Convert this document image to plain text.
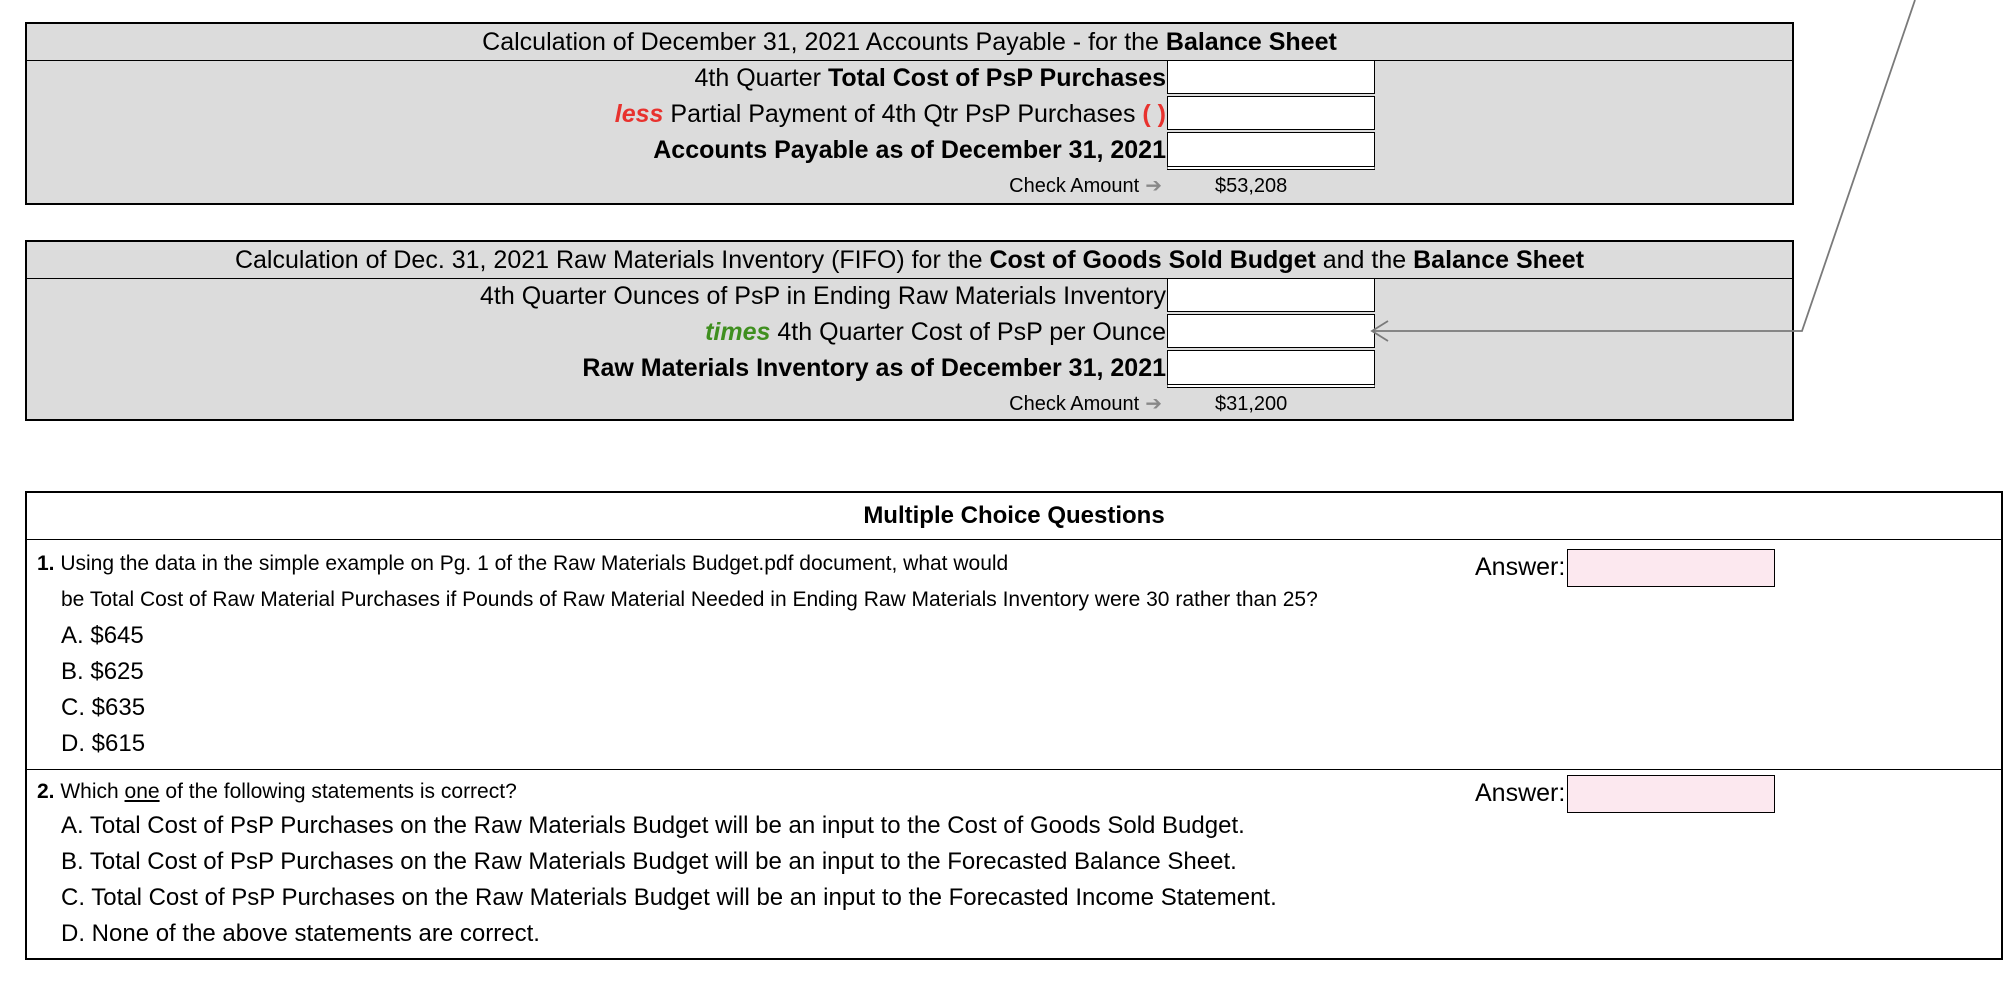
Calculation of December 31, 2021 Accounts Payable - for the Balance Sheet
4th Quarter Total Cost of PsP Purchases
less Partial Payment of 4th Qtr PsP Purchases ( )
Accounts Payable as of December 31, 2021
Check Amount ➔	$53,208
Calculation of Dec. 31, 2021 Raw Materials Inventory (FIFO) for the Cost of Goods Sold Budget and the Balance Sheet
4th Quarter Ounces of PsP in Ending Raw Materials Inventory
times 4th Quarter Cost of PsP per Ounce
Raw Materials Inventory as of December 31, 2021
Check Amount ➔	$31,200
Multiple Choice Questions
1. Using the data in the simple example on Pg. 1 of the Raw Materials Budget.pdf document, what would
be Total Cost of Raw Material Purchases if Pounds of Raw Material Needed in Ending Raw Materials Inventory were 30 rather than 25?
A. $645
B. $625
C. $635
D. $615
Answer:
2. Which one of the following statements is correct?
A. Total Cost of PsP Purchases on the Raw Materials Budget will be an input to the Cost of Goods Sold Budget.
B. Total Cost of PsP Purchases on the Raw Materials Budget will be an input to the Forecasted Balance Sheet.
C. Total Cost of PsP Purchases on the Raw Materials Budget will be an input to the Forecasted Income Statement.
D. None of the above statements are correct.
Answer:
